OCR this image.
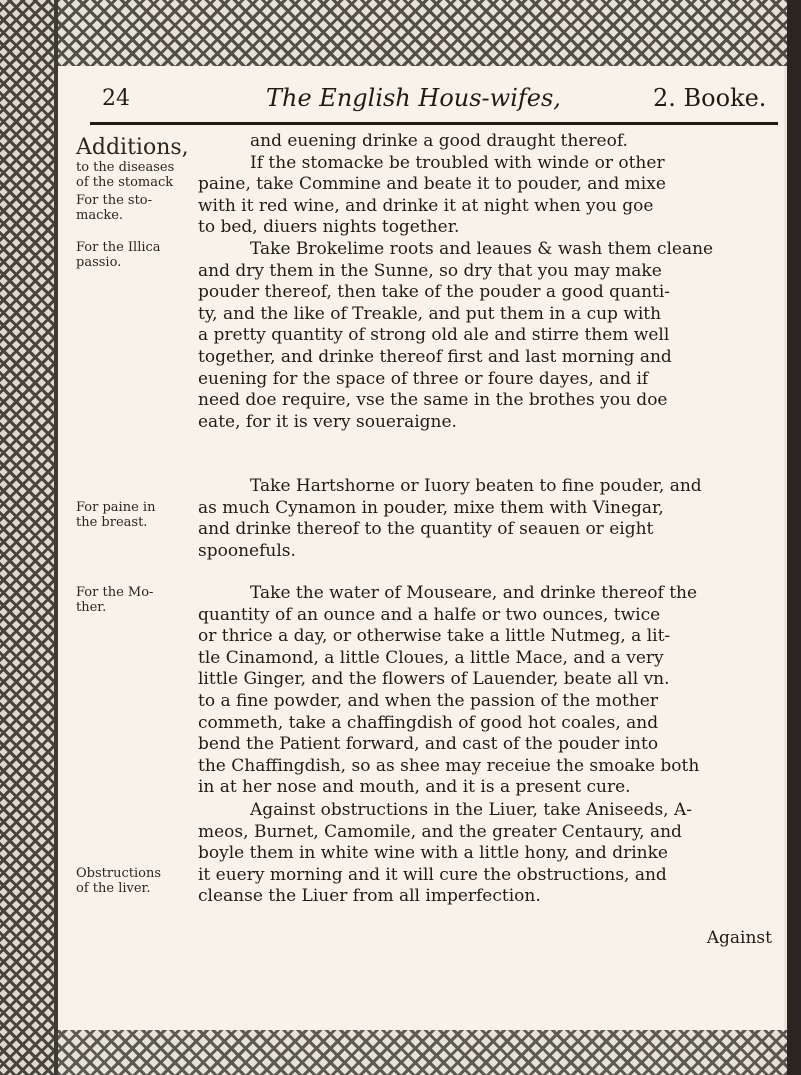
24	The English Hous-wifes,	2. Booke.
Additions,
to the diseases
of the stomack
For the sto-
macke.
For the Illica
passio.
For paine in
the breast.
For the Mo-
ther.
Obstructions
of the liver.
and euening drinke a good draught thereof.
If the stomacke be troubled with winde or other
paine, take Commine and beate it to pouder, and mixe
with it red wine, and drinke it at night when you goe
to bed, diuers nights together.
Take Brokelime roots and leaues & wash them cleane
and dry them in the Sunne, so dry that you may make
pouder thereof, then take of the pouder a good quanti-
ty, and the like of Treakle, and put them in a cup with
a pretty quantity of strong old ale and stirre them well
together, and drinke thereof first and last morning and
euening for the space of three or foure dayes, and if
need doe require, vse the same in the brothes you doe
eate, for it is very soueraigne.
Take Hartshorne or Iuory beaten to fine pouder, and
as much Cynamon in pouder, mixe them with Vinegar,
and drinke thereof to the quantity of seauen or eight
spoonefuls.
Take the water of Mouseare, and drinke thereof the
quantity of an ounce and a halfe or two ounces, twice
or thrice a day, or otherwise take a little Nutmeg, a lit-
tle Cinamond, a little Cloues, a little Mace, and a very
little Ginger, and the flowers of Lauender, beate all vn.
to a fine powder, and when the passion of the mother
commeth, take a chaffingdish of good hot coales, and
bend the Patient forward, and cast of the pouder into
the Chaffingdish, so as shee may receiue the smoake both
in at her nose and mouth, and it is a present cure.
Against obstructions in the Liuer, take Aniseeds, A-
meos, Burnet, Camomile, and the greater Centaury, and
boyle them in white wine with a little hony, and drinke
it euery morning and it will cure the obstructions, and
cleanse the Liuer from all imperfection.
Against
